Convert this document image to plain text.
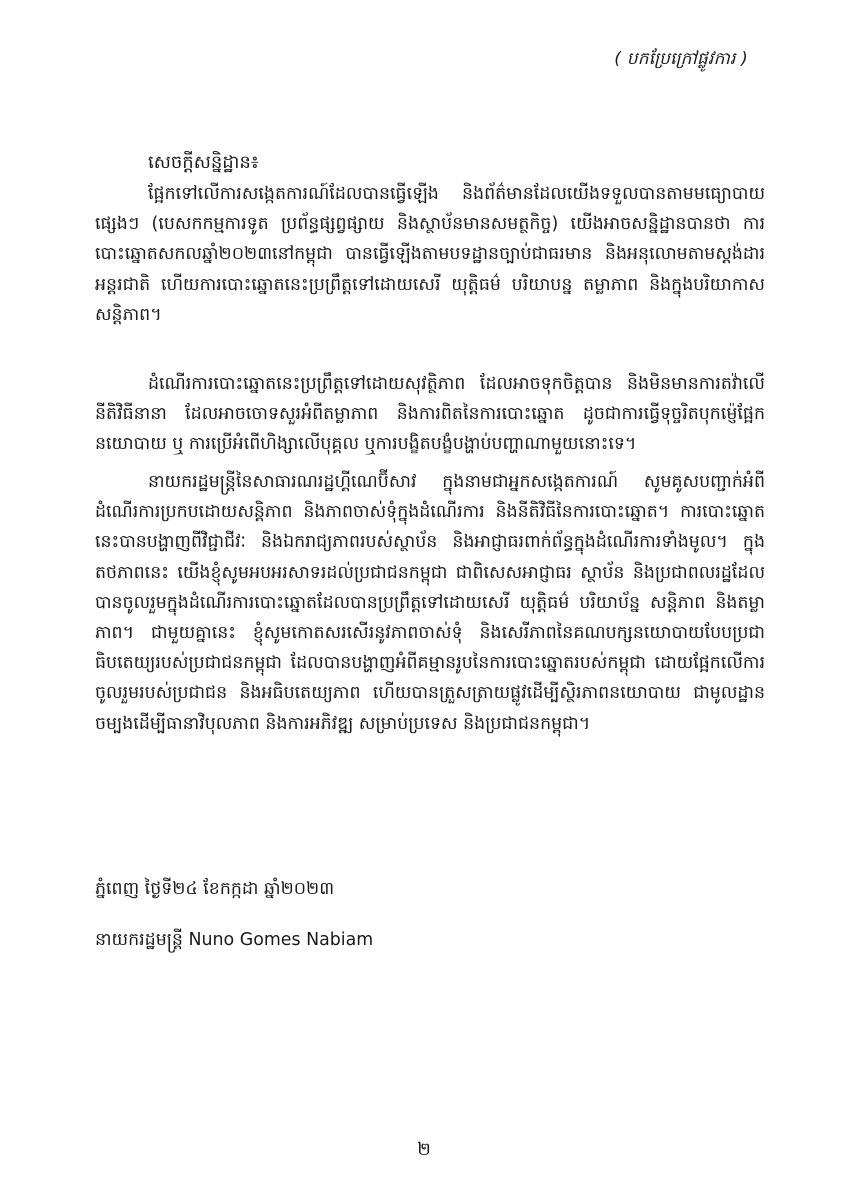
( បកប្រែក្រៅផ្លូវការ )
សេចក្ដីសន្និដ្ឋាន៖

ផ្អែកទៅលើការសង្កេតការណ៍ដែលបានធ្វើឡើង និងព័ត៌មានដែលយើងទទួលបានតាមមធ្យោបាយផ្សេងៗ (បេសកកម្មការទូត ប្រព័ន្ធផ្សព្វផ្សាយ និងស្ថាប័នមានសមត្ថកិច្ច) យើងអាចសន្និដ្ឋានបានថា ការបោះឆ្នោតសកលឆ្នាំ២០២៣នៅកម្ពុជា បានធ្វើឡើងតាមបទដ្ឋានច្បាប់ជាធរមាន និងអនុលោមតាមស្តង់ដារអន្តរជាតិ ហើយការបោះឆ្នោតនេះប្រព្រឹត្តទៅដោយសេរី យុត្តិធម៌ បរិយាបន្ន តម្លាភាព និងក្នុងបរិយាកាសសន្តិភាព។

ដំណើរការបោះឆ្នោតនេះប្រព្រឹត្តទៅដោយសុវត្ថិភាព ដែលអាចទុកចិត្តបាន និងមិនមានការតវ៉ាលើនីតិវិធីនានា ដែលអាចចោទសួរអំពីតម្លាភាព និងការពិតនៃការបោះឆ្នោត ដូចជាការធ្វើទុច្ចរិតបុកម៉្ញេផ្អែកនយោបាយ ឬ ការប្រើអំពើហិង្សាលើបុគ្គល ឬការបង្ខិតបង្ខំបង្ហាប់បញ្ហាណាមួយនោះទេ។

នាយករដ្ឋមន្ត្រីនៃសាធារណរដ្ឋហ្គីណេប៊ីសាវ ក្នុងនាមជាអ្នកសង្កេតការណ៍ សូមគូសបញ្ជាក់អំពីដំណើរការប្រកបដោយសន្តិភាព និងភាពចាស់ទុំក្នុងដំណើរការ និងនីតិវិធីនៃការបោះឆ្នោត។ ការបោះឆ្នោតនេះបានបង្ហាញពីវិជ្ជាជីវៈ និងឯករាជ្យភាពរបស់ស្ថាប័ន និងអាជ្ញាធរពាក់ព័ន្ធក្នុងដំណើរការទាំងមូល។ ក្នុងតថភាពនេះ យើងខ្ញុំសូមអបអរសាទរដល់ប្រជាជនកម្ពុជា ជាពិសេសអាជ្ញាធរ ស្ថាប័ន និងប្រជាពលរដ្ឋដែលបានចូលរួមក្នុងដំណើរការបោះឆ្នោតដែលបានប្រព្រឹត្តទៅដោយសេរី យុត្តិធម៌ បរិយាប័ន្ន សន្តិភាព និងតម្លាភាព។ ជាមួយគ្នានេះ ខ្ញុំសូមកោតសរសើរនូវភាពចាស់ទុំ និងសេរីភាពនៃគណបក្សនយោបាយបែបប្រជាធិបតេយ្យរបស់ប្រជាជនកម្ពុជា ដែលបានបង្ហាញអំពីគម្មានរូបនៃការបោះឆ្នោតរបស់កម្ពុជា ដោយផ្អែកលើការចូលរួមរបស់ប្រជាជន និងអធិបតេយ្យភាព ហើយបានត្រួសត្រាយផ្លូវដើម្បីស្ថិរភាពនយោបាយ ជាមូលដ្ឋានចម្បងដើម្បីធានាវិបុលភាព និងការអភិវឌ្ឍ សម្រាប់ប្រទេស និងប្រជាជនកម្ពុជា។

ភ្នំពេញ ថ្ងៃទី២៤ ខែកក្កដា ឆ្នាំ២០២៣
នាយករដ្ឋមន្ត្រី Nuno Gomes Nabiam
២
